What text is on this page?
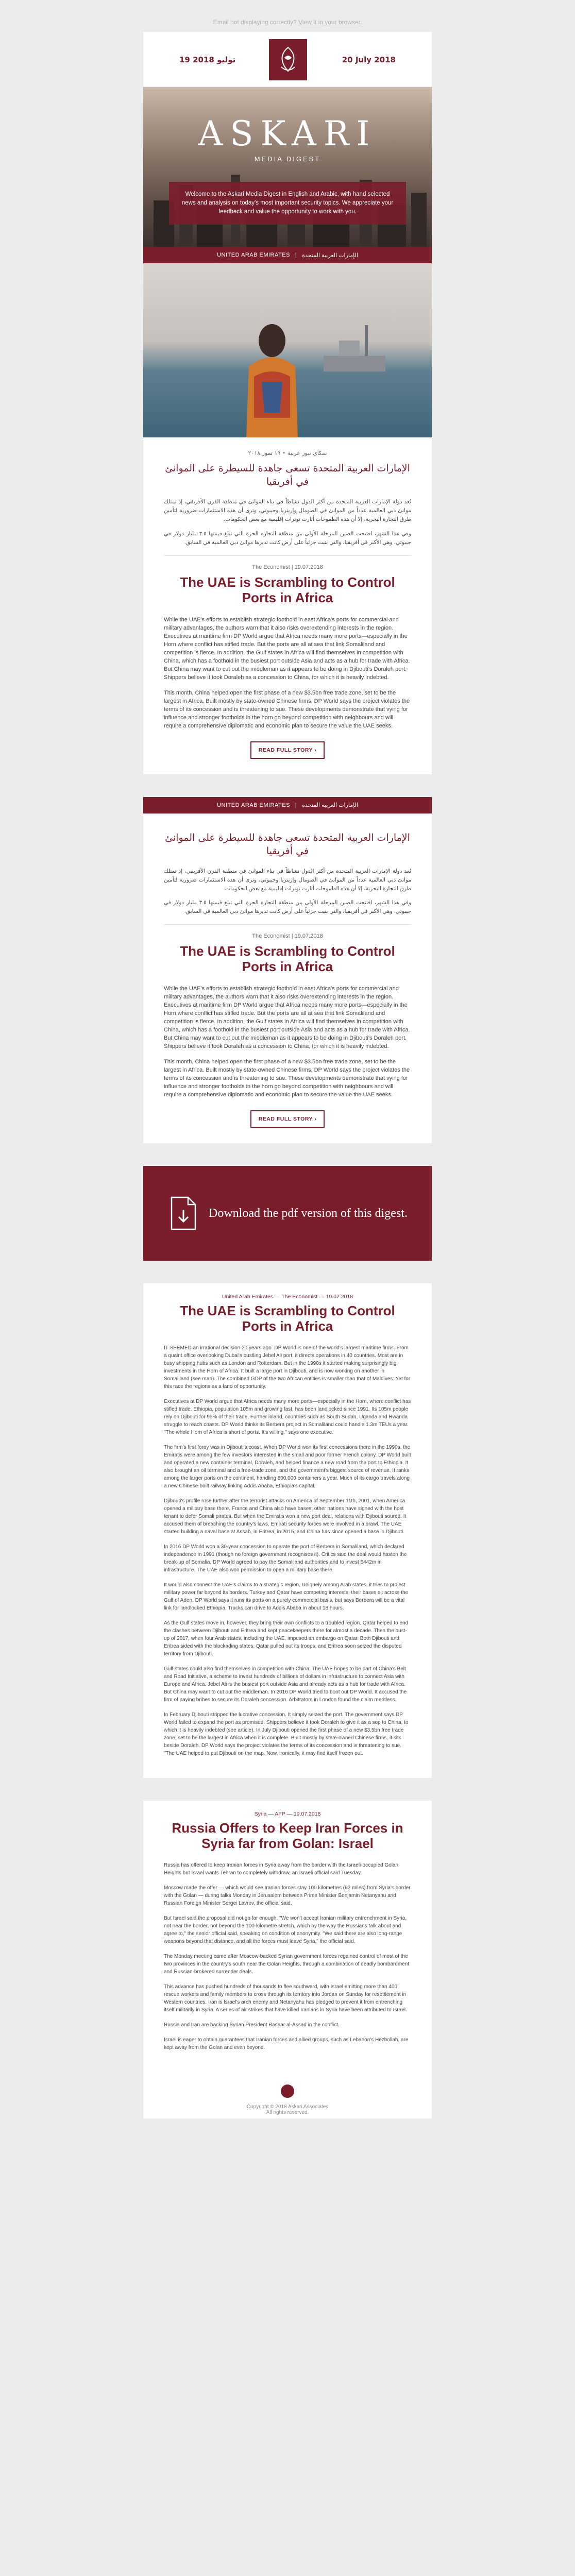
Email not displaying correctly? View it in your browser.
19 2018 ﺗﻮﻟﻴﻮ	20 July 2018
ASKARI
MEDIA DIGEST
Welcome to the Askari Media Digest in English and Arabic, with hand selected news and analysis on today's most important security topics. We appreciate your feedback and value the opportunity to work with you.
UNITED ARAB EMIRATES | الإمارات العربية المتحدة
سكاي نيوز عربية • ١٩ تموز ٢٠١٨
الإمارات العربية المتحدة تسعى جاهدة للسيطرة على الموانئ في أفريقيا

تُعد دولة الإمارات العربية المتحدة من أكثر الدول نشاطاً في بناء الموانئ في منطقة القرن الأفريقي، إذ تمتلك موانئ دبي العالمية عدداً من الموانئ في الصومال وإريتريا وجيبوتي، وترى أن هذه الاستثمارات ضرورية لتأمين طرق التجارة البحرية، إلا أن هذه الطموحات أثارت توترات إقليمية مع بعض الحكومات.

وفي هذا الشهر، افتتحت الصين المرحلة الأولى من منطقة التجارة الحرة التي تبلغ قيمتها ٣.٥ مليار دولار في جيبوتي، وهي الأكبر في أفريقيا، والتي بنيت جزئياً على أرض كانت تديرها موانئ دبي العالمية في السابق.

The Economist | 19.07.2018
The UAE is Scrambling to Control Ports in Africa

While the UAE's efforts to establish strategic foothold in east Africa's ports for commercial and military advantages, the authors warn that it also risks overextending interests in the region. Executives at maritime firm DP World argue that Africa needs many more ports—especially in the Horn where conflict has stifled trade. But the ports are all at sea that link Somaliland and competition is fierce. In addition, the Gulf states in Africa will find themselves in competition with China, which has a foothold in the busiest port outside Asia and acts as a hub for trade with Africa. But China may want to cut out the middleman as it appears to be doing in Djibouti's Doraleh port. Shippers believe it took Doraleh as a concession to China, for which it is heavily indebted.

This month, China helped open the first phase of a new $3.5bn free trade zone, set to be the largest in Africa. Built mostly by state-owned Chinese firms, DP World says the project violates the terms of its concession and is threatening to sue. These developments demonstrate that vying for influence and stronger footholds in the horn go beyond competition with neighbours and will require a comprehensive diplomatic and economic plan to secure the value the UAE seeks.

READ FULL STORY ›
UNITED ARAB EMIRATES | الإمارات العربية المتحدة
الإمارات العربية المتحدة تسعى جاهدة للسيطرة على الموانئ في أفريقيا

تُعد دولة الإمارات العربية المتحدة من أكثر الدول نشاطاً في بناء الموانئ في منطقة القرن الأفريقي، إذ تمتلك موانئ دبي العالمية عدداً من الموانئ في الصومال وإريتريا وجيبوتي، وترى أن هذه الاستثمارات ضرورية لتأمين طرق التجارة البحرية، إلا أن هذه الطموحات أثارت توترات إقليمية مع بعض الحكومات.

وفي هذا الشهر، افتتحت الصين المرحلة الأولى من منطقة التجارة الحرة التي تبلغ قيمتها ٣.٥ مليار دولار في جيبوتي، وهي الأكبر في أفريقيا، والتي بنيت جزئياً على أرض كانت تديرها موانئ دبي العالمية في السابق.

The Economist | 19.07.2018
The UAE is Scrambling to Control Ports in Africa

While the UAE's efforts to establish strategic foothold in east Africa's ports for commercial and military advantages, the authors warn that it also risks overextending interests in the region. Executives at maritime firm DP World argue that Africa needs many more ports—especially in the Horn where conflict has stifled trade. But the ports are all at sea that link Somaliland and competition is fierce. In addition, the Gulf states in Africa will find themselves in competition with China, which has a foothold in the busiest port outside Asia and acts as a hub for trade with Africa. But China may want to cut out the middleman as it appears to be doing in Djibouti's Doraleh port. Shippers believe it took Doraleh as a concession to China, for which it is heavily indebted.

This month, China helped open the first phase of a new $3.5bn free trade zone, set to be the largest in Africa. Built mostly by state-owned Chinese firms, DP World says the project violates the terms of its concession and is threatening to sue. These developments demonstrate that vying for influence and stronger footholds in the horn go beyond competition with neighbours and will require a comprehensive diplomatic and economic plan to secure the value the UAE seeks.

READ FULL STORY ›
Download the pdf version of this digest.
United Arab Emirates — The Economist — 19.07.2018
The UAE is Scrambling to Control Ports in Africa

IT SEEMED an irrational decision 20 years ago. DP World is one of the world's largest maritime firms. From a quaint office overlooking Dubai's bustling Jebel Ali port, it directs operations in 40 countries. Most are in busy shipping hubs such as London and Rotterdam. But in the 1990s it started making surprisingly big investments in the Horn of Africa. It built a large port in Djibouti, and is now working on another in Somaliland (see map). The combined GDP of the two African entities is smaller than that of Maldives. Yet for this race the regions as a land of opportunity.

Executives at DP World argue that Africa needs many more ports—especially in the Horn, where conflict has stifled trade. Ethiopia, population 105m and growing fast, has been landlocked since 1991. Its 105m people rely on Djibouti for 95% of their trade. Further inland, countries such as South Sudan, Uganda and Rwanda struggle to reach coasts. DP World thinks its Berbera project in Somaliland could handle 1.3m TEUs a year. "The whole Horn of Africa is short of ports. It's willing," says one executive.

The firm's first foray was in Djibouti's coast. When DP World won its first concessions there in the 1990s, the Emiratis were among the few investors interested in the small and poor former French colony. DP World built and operated a new container terminal, Doraleh, and helped finance a new road from the port to Ethiopia. It also brought an oil terminal and a free-trade zone, and the government's biggest source of revenue. It ranks among the larger ports on the continent, handling 800,000 containers a year. Much of its cargo travels along a new Chinese-built railway linking Addis Ababa, Ethiopia's capital.

Djibouti's profile rose further after the terrorist attacks on America of September 11th, 2001, when America opened a military base there. France and China also have bases; other nations have signed with the host tenant to defer Somali pirates. But when the Emiratis won a new port deal, relations with Djibouti soured. It accused them of breaching the country's laws. Emirati security forces were involved in a brawl. The UAE started building a naval base at Assab, in Eritrea, in 2015, and China has since opened a base in Djibouti.

In 2016 DP World won a 30-year concession to operate the port of Berbera in Somaliland, which declared independence in 1991 (though no foreign government recognises it). Critics said the deal would hasten the break-up of Somalia. DP World agreed to pay the Somaliland authorities and to invest $442m in infrastructure. The UAE also won permission to open a military base there.

It would also connect the UAE's claims to a strategic region. Uniquely among Arab states, it tries to project military power far beyond its borders. Turkey and Qatar have competing interests; their bases sit across the Gulf of Aden. DP World says it runs its ports on a purely commercial basis, but says Berbera will be a vital link for landlocked Ethiopia. Trucks can drive to Addis Ababa in about 18 hours.

As the Gulf states move in, however, they bring their own conflicts to a troubled region. Qatar helped to end the clashes between Djibouti and Eritrea and kept peacekeepers there for almost a decade. Then the bust-up of 2017, when four Arab states, including the UAE, imposed an embargo on Qatar. Both Djibouti and Eritrea sided with the blockading states. Qatar pulled out its troops, and Eritrea soon seized the disputed territory from Djibouti.

Gulf states could also find themselves in competition with China. The UAE hopes to be part of China's Belt and Road Initiative, a scheme to invest hundreds of billions of dollars in infrastructure to connect Asia with Europe and Africa. Jebel Ali is the busiest port outside Asia and already acts as a hub for trade with Africa. But China may want to cut out the middleman. In 2016 DP World tried to boot out DP World. It accused the firm of paying bribes to secure its Doraleh concession. Arbitrators in London found the claim meritless.

In February Djibouti stripped the lucrative concession. It simply seized the port. The government says DP World failed to expand the port as promised. Shippers believe it took Doraleh to give it as a sop to China, to which it is heavily indebted (see article). In July Djibouti opened the first phase of a new $3.5bn free trade zone, set to be the largest in Africa when it is complete. Built mostly by state-owned Chinese firms, it sits beside Doraleh. DP World says the project violates the terms of its concession and is threatening to sue. "The UAE helped to put Djibouti on the map. Now, ironically, it may find itself frozen out.

Syria — AFP — 19.07.2018
Russia Offers to Keep Iran Forces in Syria far from Golan: Israel

Russia has offered to keep Iranian forces in Syria away from the border with the Israeli-occupied Golan Heights but Israel wants Tehran to completely withdraw, an Israeli official said Tuesday.

Moscow made the offer — which would see Iranian forces stay 100 kilometres (62 miles) from Syria's border with the Golan — during talks Monday in Jerusalem between Prime Minister Benjamin Netanyahu and Russian Foreign Minister Sergei Lavrov, the official said.

But Israel said the proposal did not go far enough. "We won't accept Iranian military entrenchment in Syria, not near the border, not beyond the 100-kilometre stretch, which by the way the Russians talk about and agree to," the senior official said, speaking on condition of anonymity. "We said there are also long-range weapons beyond that distance, and all the forces must leave Syria," the official said.

The Monday meeting came after Moscow-backed Syrian government forces regained control of most of the two provinces in the country's south near the Golan Heights, through a combination of deadly bombardment and Russian-brokered surrender deals.

This advance has pushed hundreds of thousands to flee southward, with Israel emitting more than 400 rescue workers and family members to cross through its territory into Jordan on Sunday for resettlement in Western countries. Iran is Israel's arch enemy and Netanyahu has pledged to prevent it from entrenching itself militarily in Syria. A series of air strikes that have killed Iranians in Syria have been attributed to Israel.

Russia and Iran are backing Syrian President Bashar al-Assad in the conflict.

Israel is eager to obtain guarantees that Iranian forces and allied groups, such as Lebanon's Hezbollah, are kept away from the Golan and even beyond.

Copyright © 2018 Askari Associates
All rights reserved.
